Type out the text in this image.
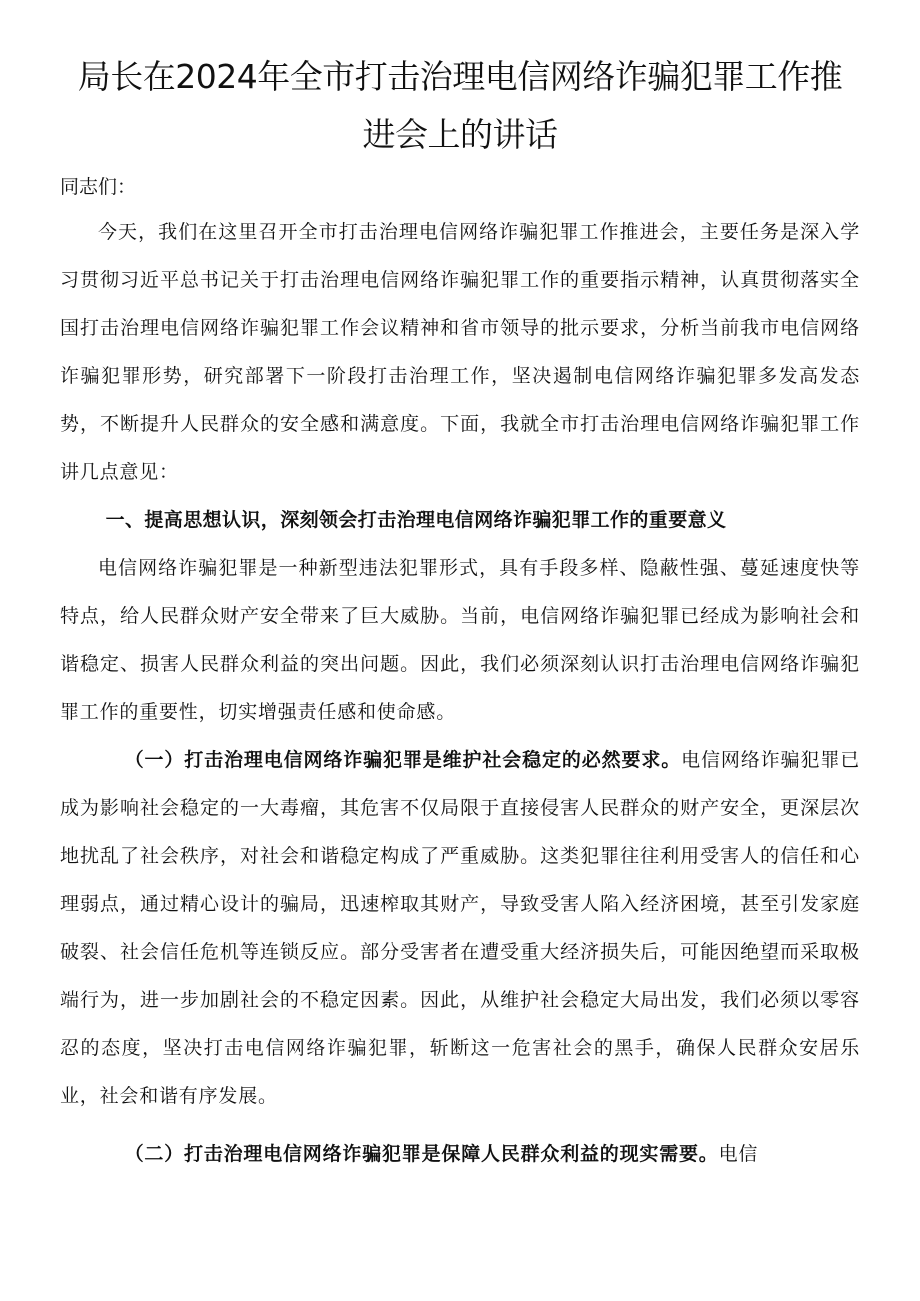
局长在2024年全市打击治理电信网络诈骗犯罪工作推
进会上的讲话

同志们：

今天，我们在这里召开全市打击治理电信网络诈骗犯罪工作推进会，主要任务是深入学习贯彻习近平总书记关于打击治理电信网络诈骗犯罪工作的重要指示精神，认真贯彻落实全国打击治理电信网络诈骗犯罪工作会议精神和省市领导的批示要求，分析当前我市电信网络诈骗犯罪形势，研究部署下一阶段打击治理工作，坚决遏制电信网络诈骗犯罪多发高发态势，不断提升人民群众的安全感和满意度。下面，我就全市打击治理电信网络诈骗犯罪工作讲几点意见：

一、提高思想认识，深刻领会打击治理电信网络诈骗犯罪工作的重要意义

电信网络诈骗犯罪是一种新型违法犯罪形式，具有手段多样、隐蔽性强、蔓延速度快等特点，给人民群众财产安全带来了巨大威胁。当前，电信网络诈骗犯罪已经成为影响社会和谐稳定、损害人民群众利益的突出问题。因此，我们必须深刻认识打击治理电信网络诈骗犯罪工作的重要性，切实增强责任感和使命感。

（一）打击治理电信网络诈骗犯罪是维护社会稳定的必然要求。电信网络诈骗犯罪已成为影响社会稳定的一大毒瘤，其危害不仅局限于直接侵害人民群众的财产安全，更深层次地扰乱了社会秩序，对社会和谐稳定构成了严重威胁。这类犯罪往往利用受害人的信任和心理弱点，通过精心设计的骗局，迅速榨取其财产，导致受害人陷入经济困境，甚至引发家庭破裂、社会信任危机等连锁反应。部分受害者在遭受重大经济损失后，可能因绝望而采取极端行为，进一步加剧社会的不稳定因素。因此，从维护社会稳定大局出发，我们必须以零容忍的态度，坚决打击电信网络诈骗犯罪，斩断这一危害社会的黑手，确保人民群众安居乐业，社会和谐有序发展。

（二）打击治理电信网络诈骗犯罪是保障人民群众利益的现实需要。电信
